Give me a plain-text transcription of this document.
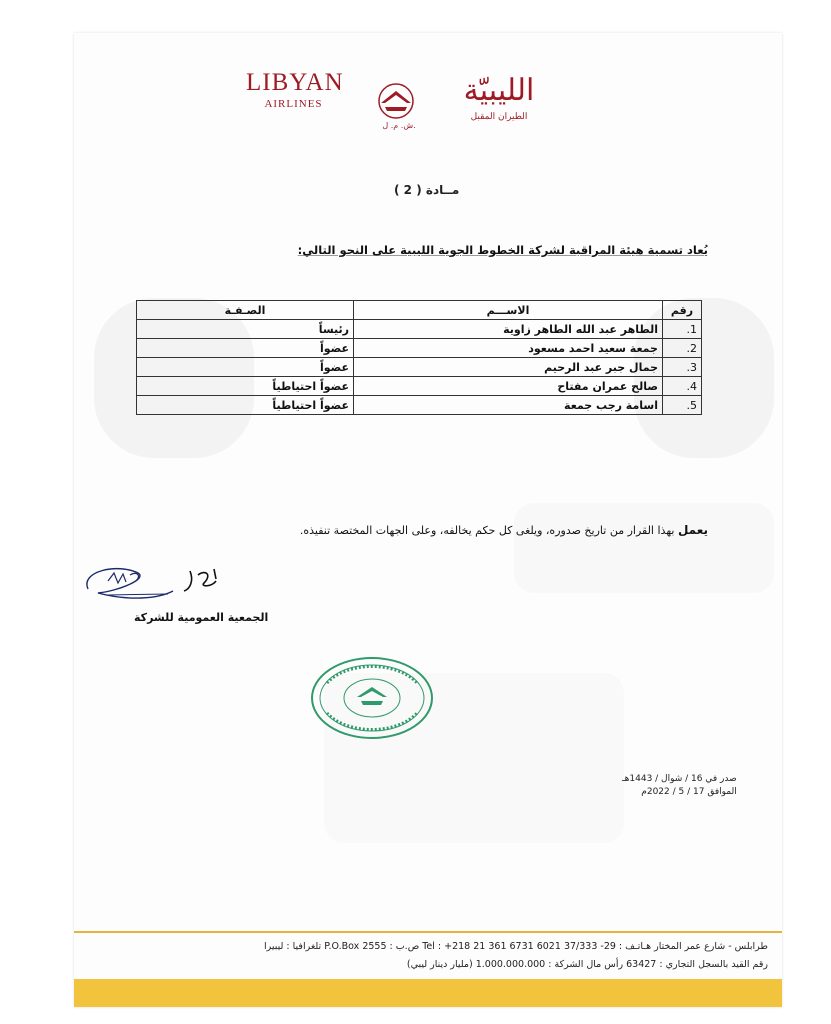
LIBYAN
AIRLINES
ش. م. ل.
الليبيّة
الطيران المقبل
مــادة ( 2 )
يُعاد تسمية هيئة المراقبة لشركة الخطوط الجوية الليبية على النحو التالي:
رقم	الاســـم	الصـفـة
1.	الطاهر عبد الله الطاهر زاوية	رئيساً
2.	جمعة سعيد احمد مسعود	عضواً
3.	جمال جبر عبد الرحيم	عضواً
4.	صالح عمران مفتاح	عضواً احتياطياً
5.	اسامة رجب جمعة	عضواً احتياطياً
يعمل بهذا القرار من تاريخ صدوره، ويلغى كل حكم يخالفه، وعلى الجهات المختصة تنفيذه.
الجمعية العمومية للشركة
صدر في 16 / شوال / 1443هـ
الموافق 17 / 5 / 2022م
طرابلس - شارع عمر المختار هـاتـف : 29- 37/333 6021 Tel : +218 21 361 6731 ص.ب : 2555 P.O.Box تلغرافيا : ليبيرا
رقم القيد بالسجل التجاري : 63427 رأس مال الشركة : 1.000.000.000 (مليار دينار ليبي)
